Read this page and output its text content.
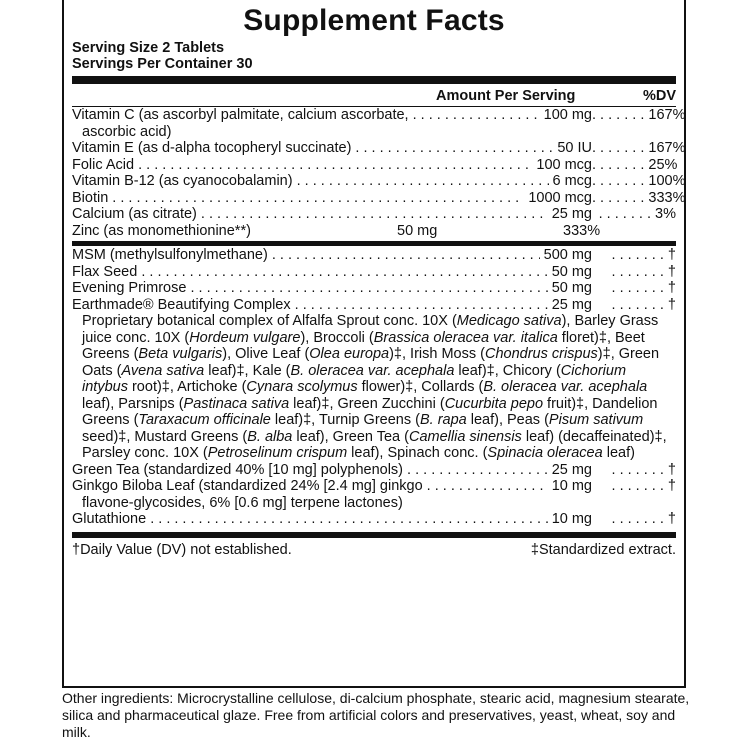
Supplement Facts
Serving Size 2 Tablets
Servings Per Container 30
Amount Per Serving	%DV
Vitamin C (as ascorbyl palmitate, calcium ascorbate, . . .	100 mg . . .	167%
ascorbic acid)
Vitamin E (as d-alpha tocopheryl succinate) . . .	50 IU . . .	167%
Folic Acid . . .	100 mcg . . .	25%
Vitamin B-12 (as cyanocobalamin) . . .	6 mcg . . .	100%
Biotin . . .	1000 mcg . . .	333%
Calcium (as citrate) . . .	25 mg . . .	3%
Zinc (as monomethionine**)	50 mg	333%
MSM (methylsulfonylmethane) . . .	500 mg . . .	†
Flax Seed . . .	50 mg . . .	†
Evening Primrose . . .	50 mg . . .	†
Earthmade® Beautifying Complex . . .	25 mg . . .	†
Proprietary botanical complex of Alfalfa Sprout conc. 10X (Medicago sativa), Barley Grass juice conc. 10X (Hordeum vulgare), Broccoli (Brassica oleracea var. italica floret)‡, Beet Greens (Beta vulgaris), Olive Leaf (Olea europa)‡, Irish Moss (Chondrus crispus)‡, Green Oats (Avena sativa leaf)‡, Kale (B. oleracea var. acephala leaf)‡, Chicory (Cichorium intybus root)‡, Artichoke (Cynara scolymus flower)‡, Collards (B. oleracea var. acephala leaf), Parsnips (Pastinaca sativa leaf)‡, Green Zucchini (Cucurbita pepo fruit)‡, Dandelion Greens (Taraxacum officinale leaf)‡, Turnip Greens (B. rapa leaf), Peas (Pisum sativum seed)‡, Mustard Greens (B. alba leaf), Green Tea (Camellia sinensis leaf) (decaffeinated)‡, Parsley conc. 10X (Petroselinum crispum leaf), Spinach conc. (Spinacia oleracea leaf)
Green Tea (standardized 40% [10 mg] polyphenols) . . .	25 mg . . .	†
Ginkgo Biloba Leaf (standardized 24% [2.4 mg] ginkgo . . .	10 mg . . .	†
flavone-glycosides, 6% [0.6 mg] terpene lactones)
Glutathione . . .	10 mg . . .	†
†Daily Value (DV) not established.	‡Standardized extract.
Other ingredients: Microcrystalline cellulose, di-calcium phosphate, stearic acid, magnesium stearate, silica and pharmaceutical glaze. Free from artificial colors and preservatives, yeast, wheat, soy and milk.
